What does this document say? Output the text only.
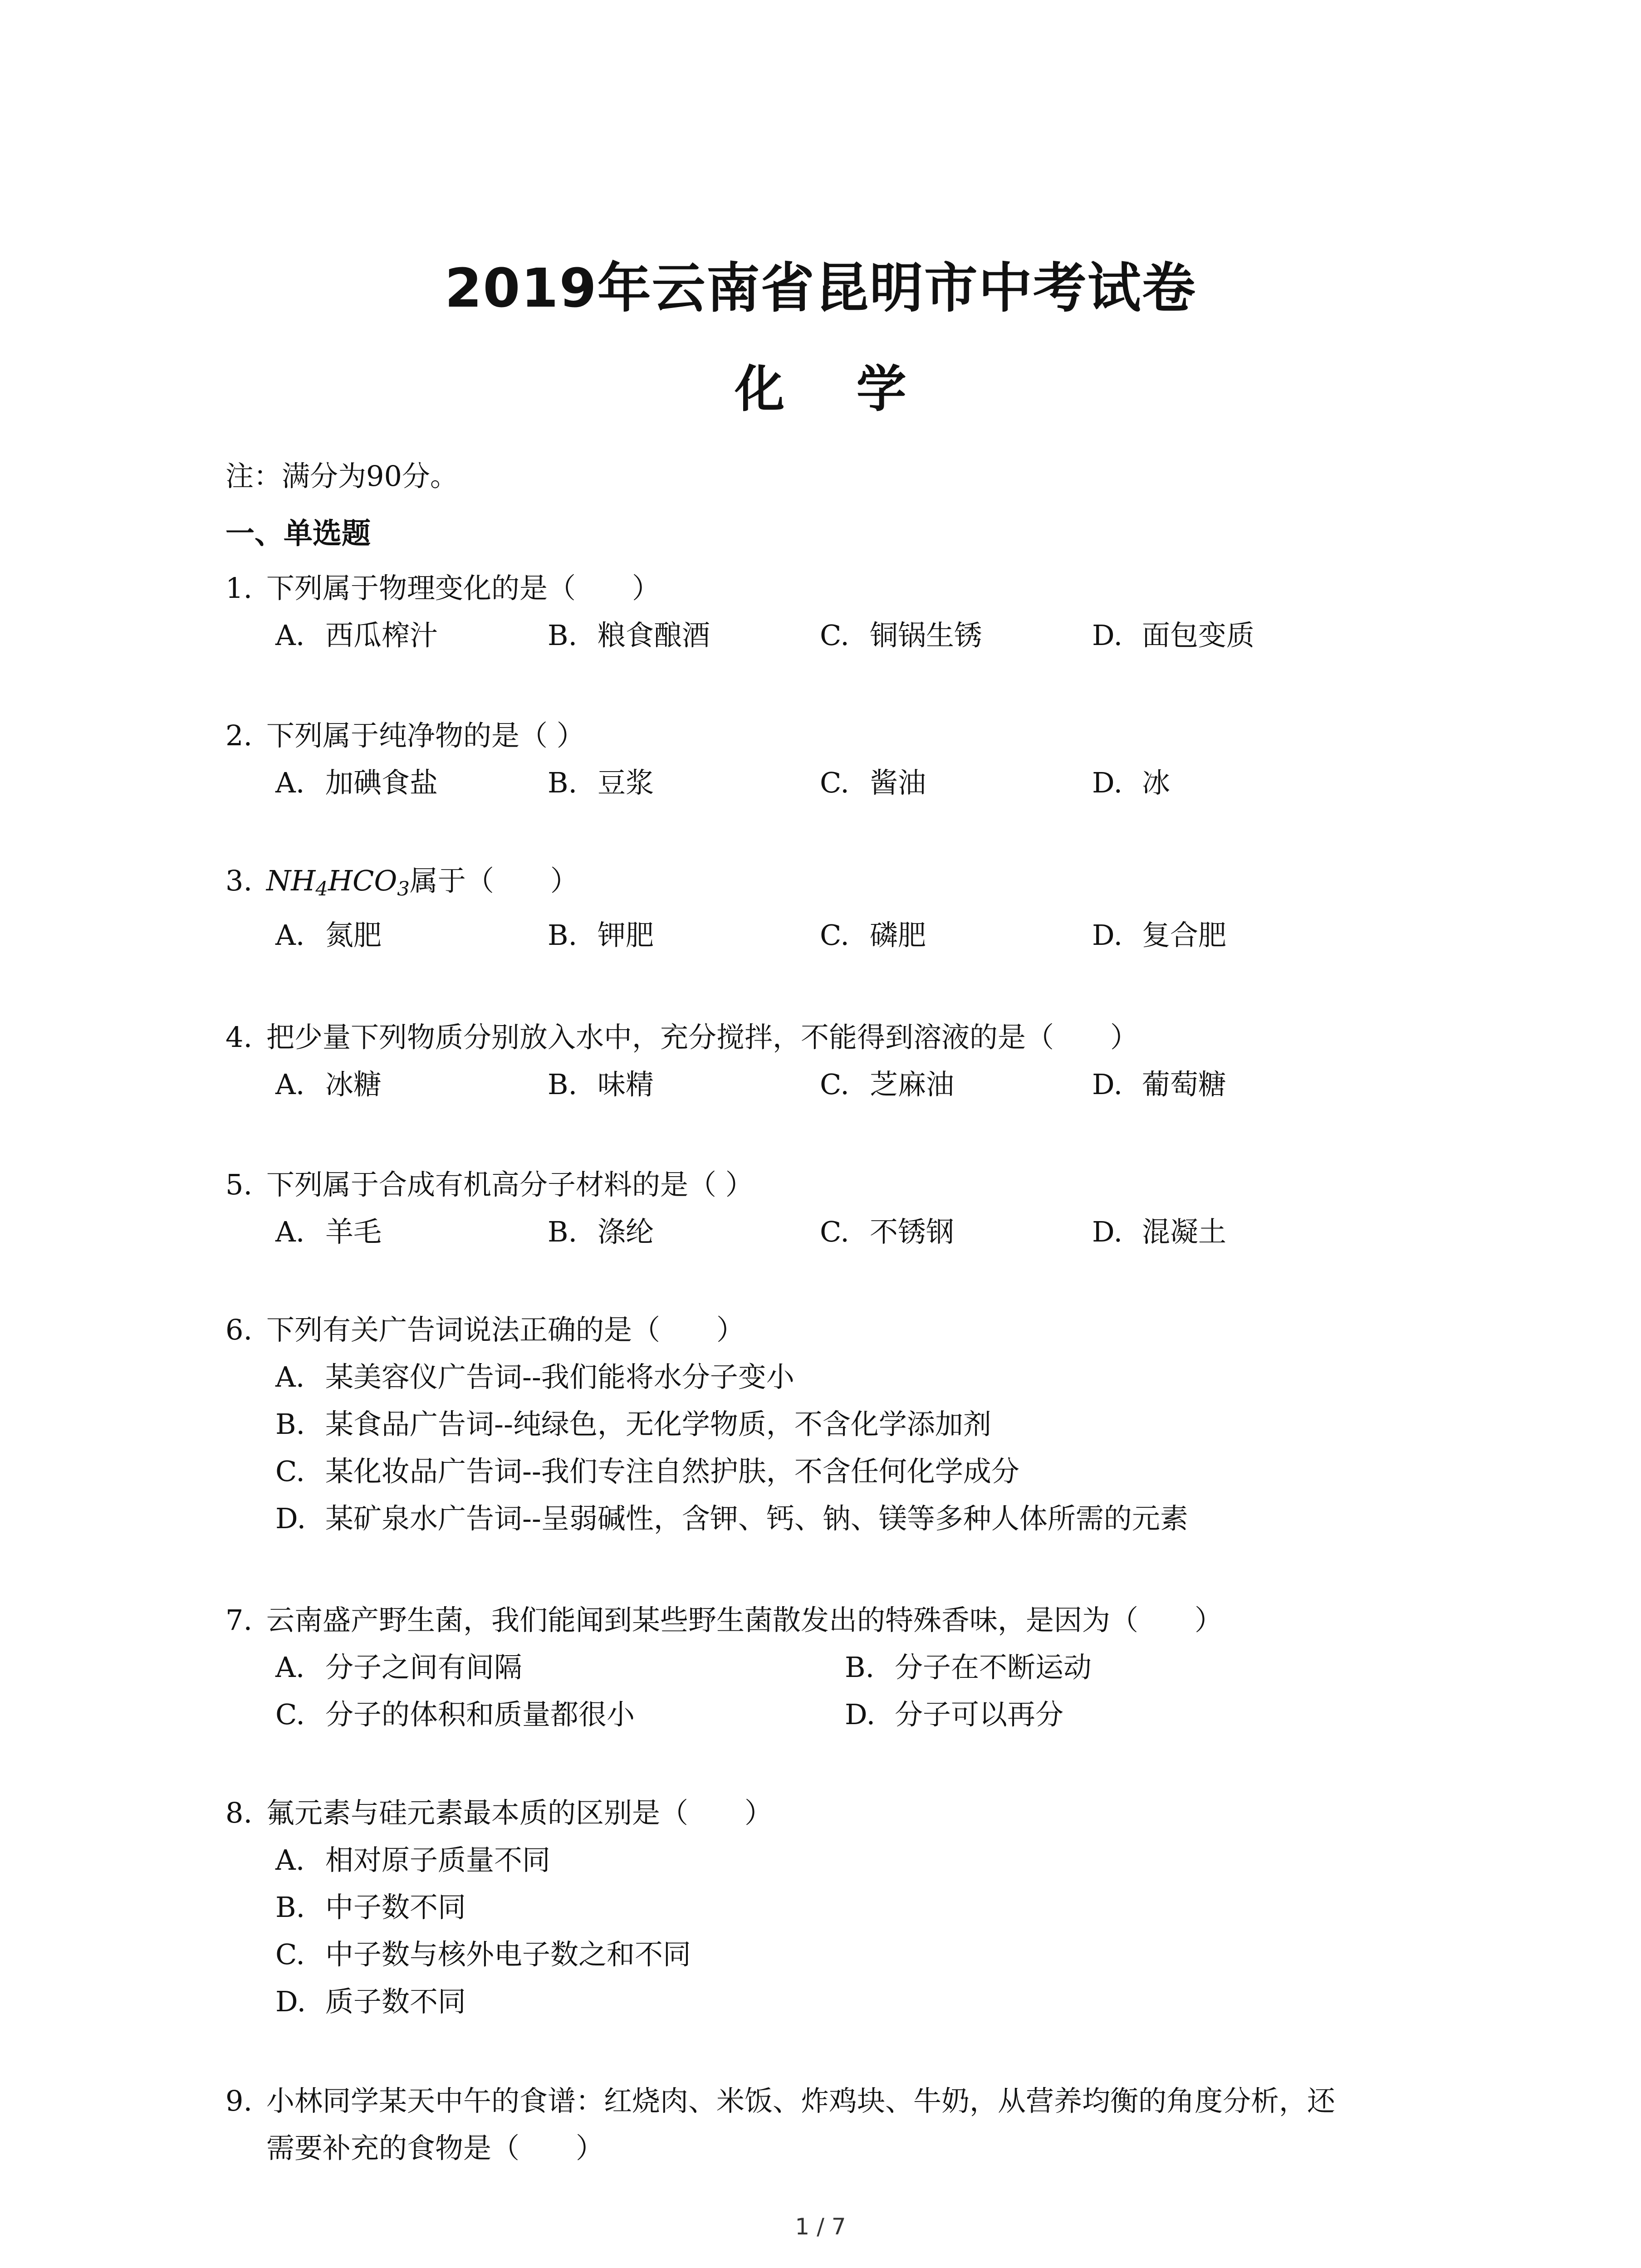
2019年云南省昆明市中考试卷
化 学
注：满分为90分。
一、单选题
1. 下列属于物理变化的是（　　）
A. 西瓜榨汁	B. 粮食酿酒	C. 铜锅生锈	D. 面包变质
2. 下列属于纯净物的是（ ）
A. 加碘食盐	B. 豆浆	C. 酱油	D. 冰
3. $NH_4HCO_3$属于（　　）
A. 氮肥	B. 钾肥	C. 磷肥	D. 复合肥
4. 把少量下列物质分别放入水中，充分搅拌，不能得到溶液的是（　　）
A. 冰糖	B. 味精	C. 芝麻油	D. 葡萄糖
5. 下列属于合成有机高分子材料的是（ ）
A. 羊毛	B. 涤纶	C. 不锈钢	D. 混凝土
6. 下列有关广告词说法正确的是（　　）
A. 某美容仪广告词--我们能将水分子变小
B. 某食品广告词--纯绿色，无化学物质，不含化学添加剂
C. 某化妆品广告词--我们专注自然护肤，不含任何化学成分
D. 某矿泉水广告词--呈弱碱性，含钾、钙、钠、镁等多种人体所需的元素
7. 云南盛产野生菌，我们能闻到某些野生菌散发出的特殊香味，是因为（　　）
A. 分子之间有间隔	B. 分子在不断运动
C. 分子的体积和质量都很小	D. 分子可以再分
8. 氟元素与硅元素最本质的区别是（　　）
A. 相对原子质量不同
B. 中子数不同
C. 中子数与核外电子数之和不同
D. 质子数不同
9. 小林同学某天中午的食谱：红烧肉、米饭、炸鸡块、牛奶，从营养均衡的角度分析，还
需要补充的食物是（　　）
1 / 7
